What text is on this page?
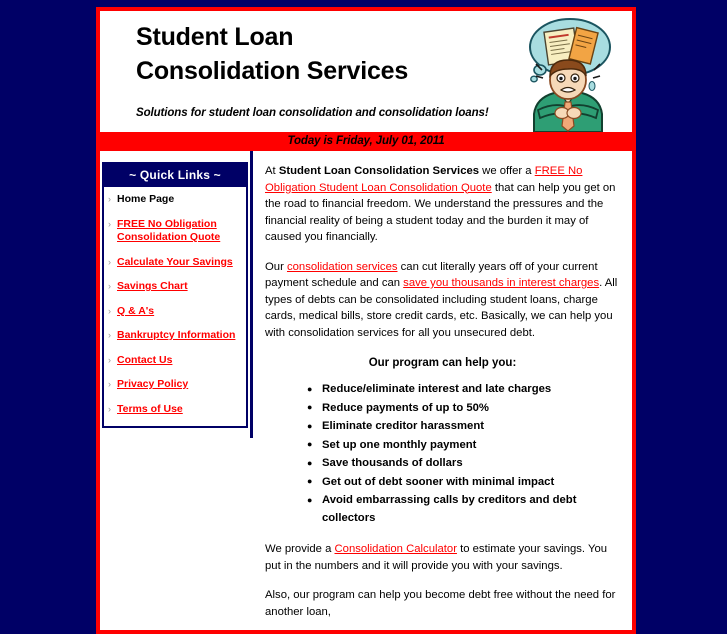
Student Loan
Consolidation Services
Solutions for student loan consolidation and consolidation loans!
Today is Friday, July 01, 2011
~ Quick Links ~
› Home Page
› FREE No Obligation Consolidation Quote
› Calculate Your Savings
› Savings Chart
› Q & A's
› Bankruptcy Information
› Contact Us
› Privacy Policy
› Terms of Use

At Student Loan Consolidation Services we offer a FREE No Obligation Student Loan Consolidation Quote that can help you get on the road to financial freedom. We understand the pressures and the financial reality of being a student today and the burden it may of caused you financially.

Our consolidation services can cut literally years off of your current payment schedule and can save you thousands in interest charges. All types of debts can be consolidated including student loans, charge cards, medical bills, store credit cards, etc. Basically, we can help you with consolidation services for all you unsecured debt.

Our program can help you:
● Reduce/eliminate interest and late charges
● Reduce payments of up to 50%
● Eliminate creditor harassment
● Set up one monthly payment
● Save thousands of dollars
● Get out of debt sooner with minimal impact
● Avoid embarrassing calls by creditors and debt collectors

We provide a Consolidation Calculator to estimate your savings. You put in the numbers and it will provide you with your savings.

Also, our program can help you become debt free without the need for another loan,
